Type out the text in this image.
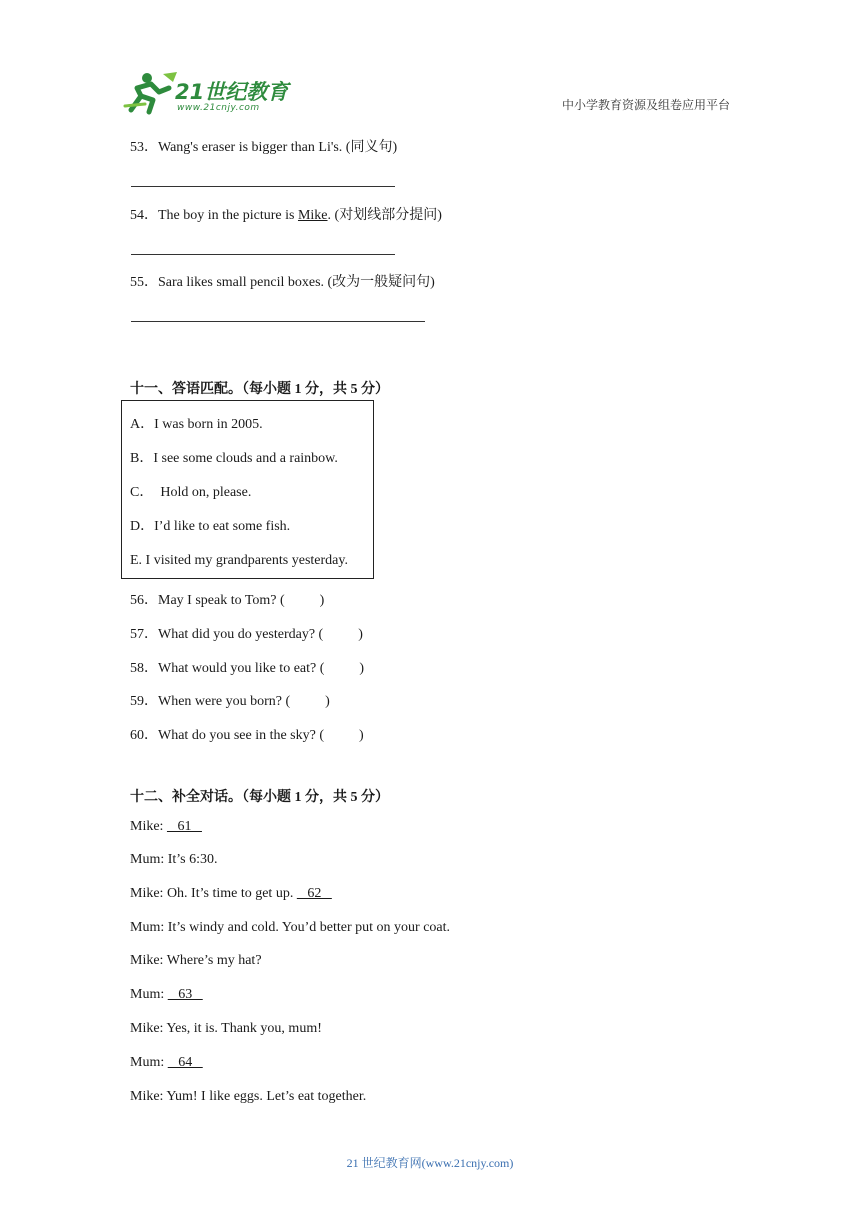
21世纪教育
www.21cnjy.com	中小学教育资源及组卷应用平台
53．Wang's eraser is bigger than Li's. (同义句)
54．The boy in the picture is Mike. (对划线部分提问)
55．Sara likes small pencil boxes. (改为一般疑问句)
十一、答语匹配。（每小题 1 分，共 5 分）
A．I was born in 2005.
B．I see some clouds and a rainbow.
C．  Hold on, please.
D．I’d like to eat some fish.
E. I visited my grandparents yesterday.
56．May I speak to Tom? (          )
57．What did you do yesterday? (          )
58．What would you like to eat? (          )
59．When were you born? (          )
60．What do you see in the sky? (          )
十二、补全对话。（每小题 1 分，共 5 分）
Mike:    61
Mum: It’s 6:30.
Mike: Oh. It’s time to get up.    62
Mum: It’s windy and cold. You’d better put on your coat.
Mike: Where’s my hat?
Mum:    63
Mike: Yes, it is. Thank you, mum!
Mum:    64
Mike: Yum! I like eggs. Let’s eat together.
21 世纪教育网(www.21cnjy.com)
